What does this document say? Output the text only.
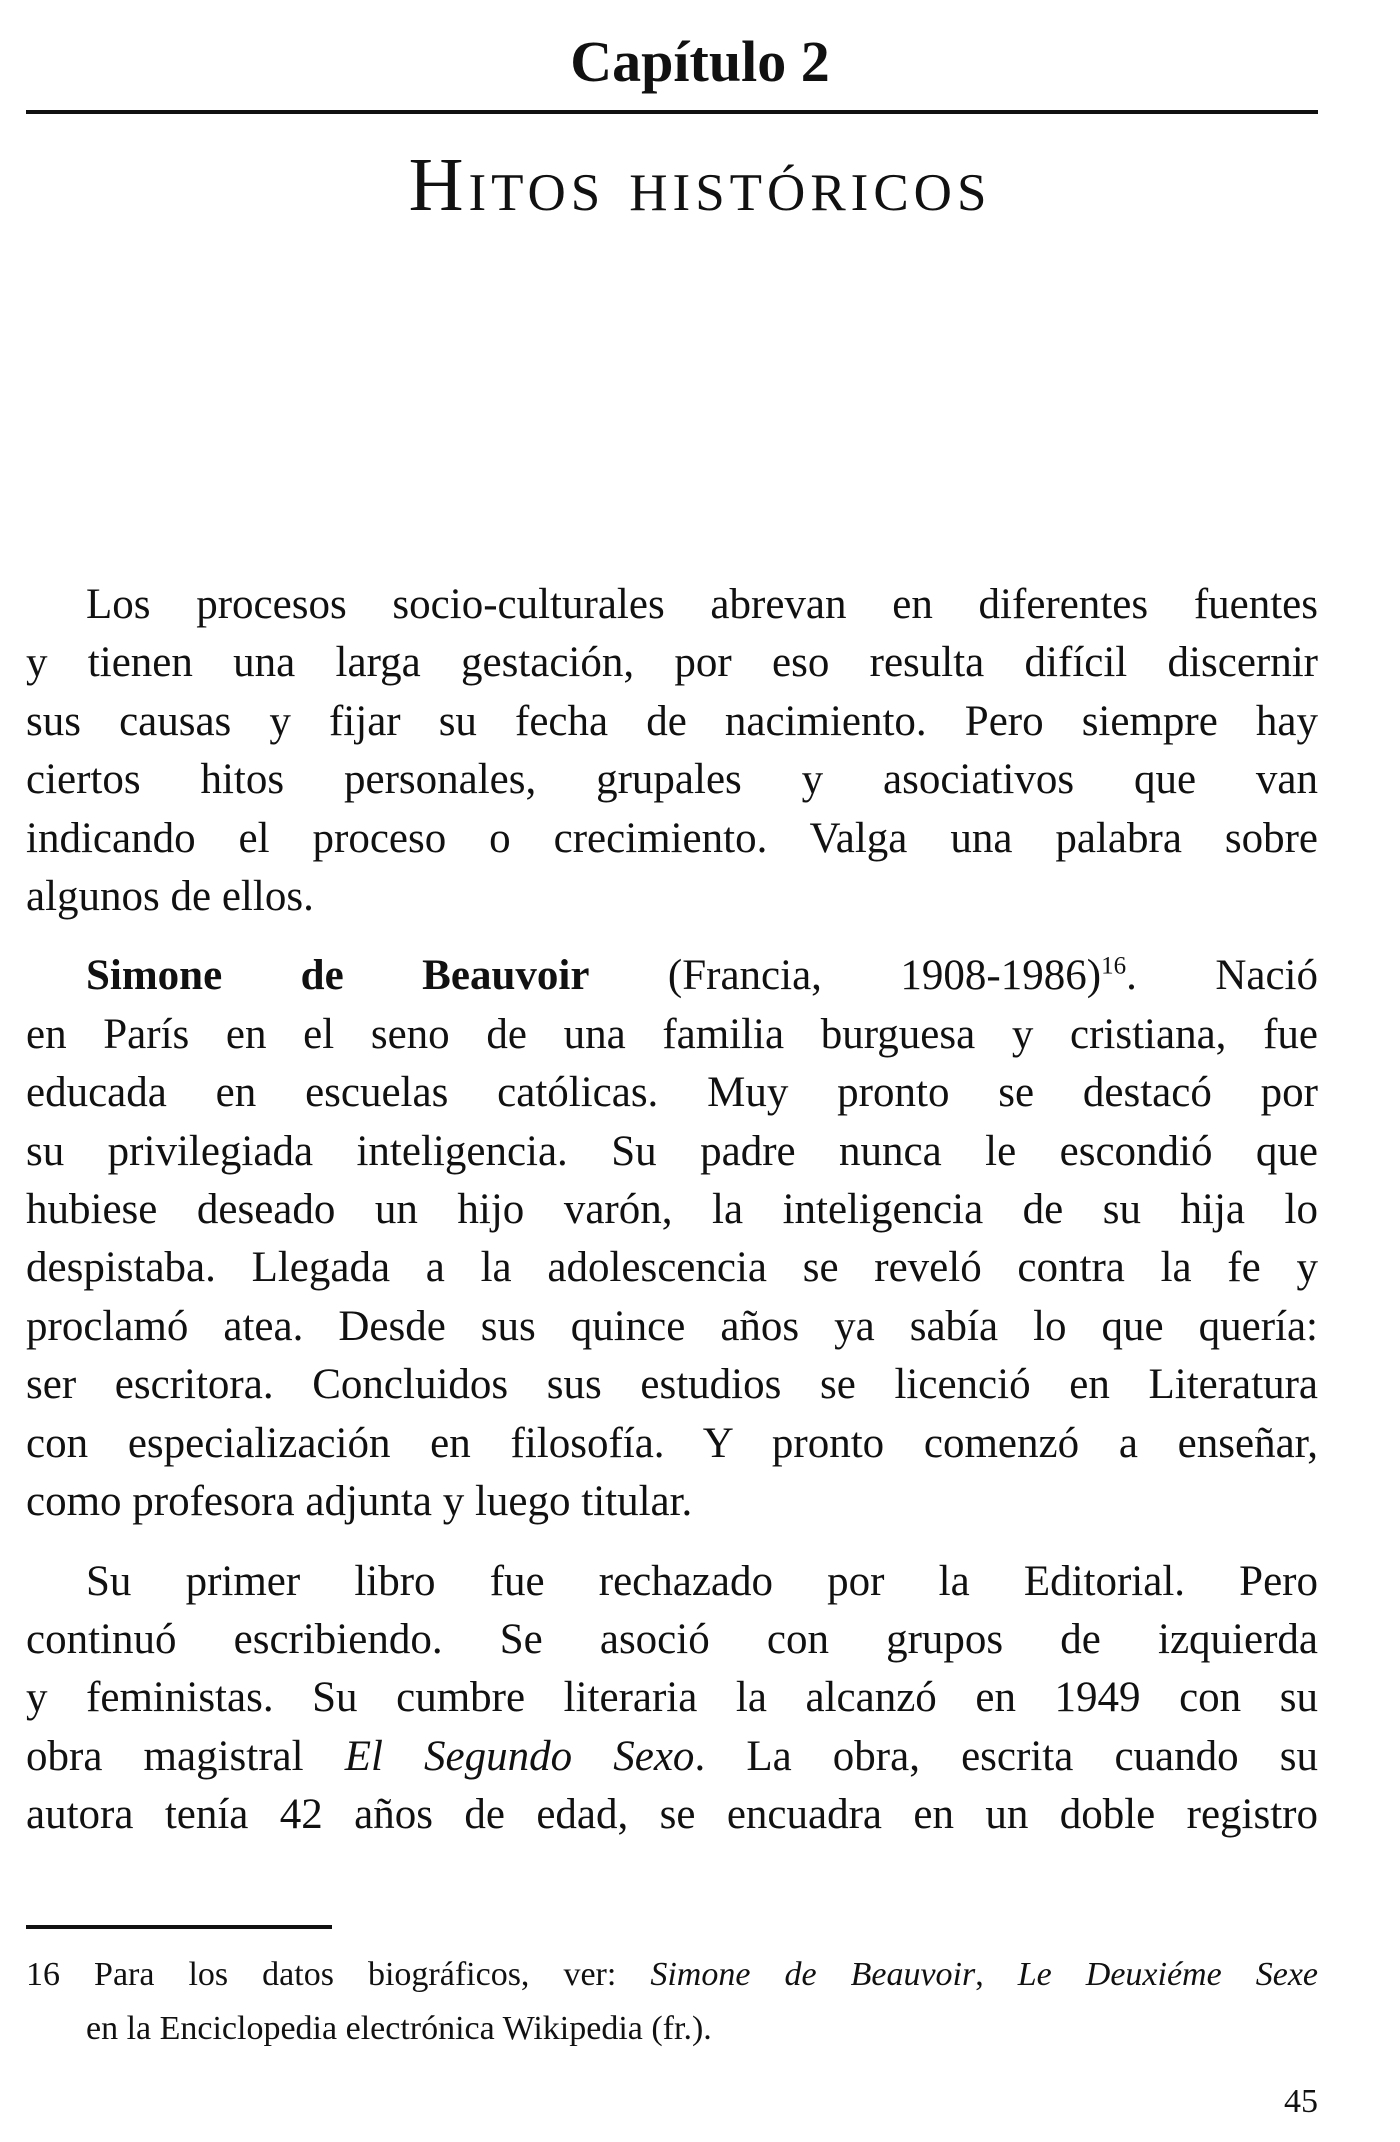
Capítulo 2
Hitos históricos

Los procesos socio-culturales abrevan en diferentes fuentes
y tienen una larga gestación, por eso resulta difícil discernir
sus causas y fijar su fecha de nacimiento. Pero siempre hay
ciertos hitos personales, grupales y asociativos que van
indicando el proceso o crecimiento. Valga una palabra sobre
algunos de ellos.

Simone de Beauvoir (Francia, 1908-1986)$^{16}$. Nació
en París en el seno de una familia burguesa y cristiana, fue
educada en escuelas católicas. Muy pronto se destacó por
su privilegiada inteligencia. Su padre nunca le escondió que
hubiese deseado un hijo varón, la inteligencia de su hija lo
despistaba. Llegada a la adolescencia se reveló contra la fe y
proclamó atea. Desde sus quince años ya sabía lo que quería:
ser escritora. Concluidos sus estudios se licenció en Literatura
con especialización en filosofía. Y pronto comenzó a enseñar,
como profesora adjunta y luego titular.

Su primer libro fue rechazado por la Editorial. Pero
continuó escribiendo. Se asoció con grupos de izquierda
y feministas. Su cumbre literaria la alcanzó en 1949 con su
obra magistral El Segundo Sexo. La obra, escrita cuando su
autora tenía 42 años de edad, se encuadra en un doble registro

16 Para los datos biográficos, ver: Simone de Beauvoir, Le Deuxiéme Sexe
en la Enciclopedia electrónica Wikipedia (fr.).
45
